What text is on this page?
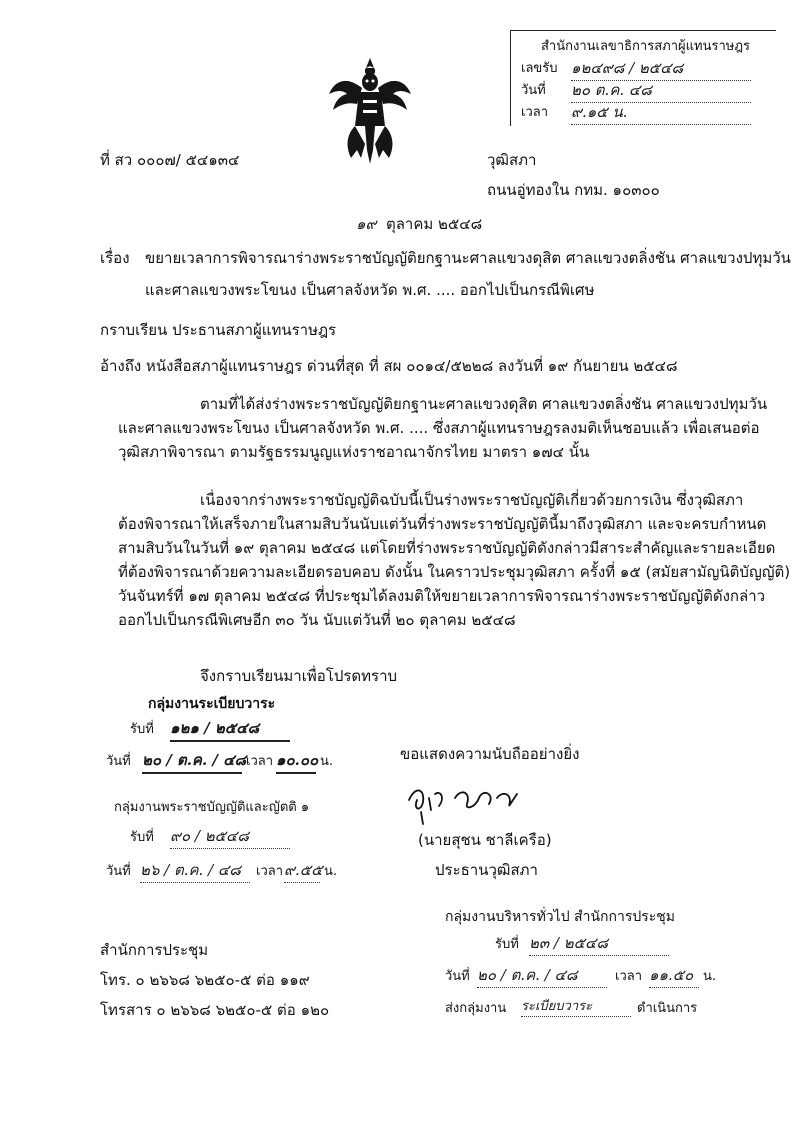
สำนักงานเลขาธิการสภาผู้แทนราษฎร
เลขรับ ๑๒๔๙๘ / ๒๕๔๘
วันที่ ๒๐ ต.ค. ๔๘
เวลา ๙.๑๕ น.
ที่ สว ๐๐๐๗/ ๕๔๑๓๔	วุฒิสภา
ถนนอู่ทองใน กทม. ๑๐๓๐๐
๑๙ ตุลาคม ๒๕๔๘
เรื่อง ขยายเวลาการพิจารณาร่างพระราชบัญญัติยกฐานะศาลแขวงดุสิต ศาลแขวงตลิ่งชัน ศาลแขวงปทุมวัน
และศาลแขวงพระโขนง เป็นศาลจังหวัด พ.ศ. .... ออกไปเป็นกรณีพิเศษ
กราบเรียน ประธานสภาผู้แทนราษฎร
อ้างถึง หนังสือสภาผู้แทนราษฎร ด่วนที่สุด ที่ สผ ๐๐๑๔/๕๒๒๘ ลงวันที่ ๑๙ กันยายน ๒๕๔๘

ตามที่ได้ส่งร่างพระราชบัญญัติยกฐานะศาลแขวงดุสิต ศาลแขวงตลิ่งชัน ศาลแขวงปทุมวัน

และศาลแขวงพระโขนง เป็นศาลจังหวัด พ.ศ. .... ซึ่งสภาผู้แทนราษฎรลงมติเห็นชอบแล้ว เพื่อเสนอต่อ

วุฒิสภาพิจารณา ตามรัฐธรรมนูญแห่งราชอาณาจักรไทย มาตรา ๑๗๔ นั้น

เนื่องจากร่างพระราชบัญญัติฉบับนี้เป็นร่างพระราชบัญญัติเกี่ยวด้วยการเงิน ซึ่งวุฒิสภา

ต้องพิจารณาให้เสร็จภายในสามสิบวันนับแต่วันที่ร่างพระราชบัญญัตินี้มาถึงวุฒิสภา และจะครบกำหนด

สามสิบวันในวันที่ ๑๙ ตุลาคม ๒๕๔๘ แต่โดยที่ร่างพระราชบัญญัติดังกล่าวมีสาระสำคัญและรายละเอียด

ที่ต้องพิจารณาด้วยความละเอียดรอบคอบ ดังนั้น ในคราวประชุมวุฒิสภา ครั้งที่ ๑๕ (สมัยสามัญนิติบัญญัติ)

วันจันทร์ที่ ๑๗ ตุลาคม ๒๕๔๘ ที่ประชุมได้ลงมติให้ขยายเวลาการพิจารณาร่างพระราชบัญญัติดังกล่าว

ออกไปเป็นกรณีพิเศษอีก ๓๐ วัน นับแต่วันที่ ๒๐ ตุลาคม ๒๕๔๘

จึงกราบเรียนมาเพื่อโปรดทราบ
กลุ่มงานระเบียบวาระ
รับที่ ๑๒๑ / ๒๕๔๘
วันที่ ๒๐ / ต.ค. / ๔๘ เวลา ๑๐.๐๐ น.	ขอแสดงความนับถืออย่างยิ่ง
(นายสุชน ชาลีเครือ)
ประธานวุฒิสภา
กลุ่มงานพระราชบัญญัติและญัตติ ๑
รับที่ ๙๐ / ๒๕๔๘
วันที่ ๒๖ / ต.ค. / ๔๘	เวลา ๙.๕๕ น.
กลุ่มงานบริหารทั่วไป สำนักการประชุม
รับที่ ๒๓ / ๒๕๔๘
วันที่ ๒๐ / ต.ค. / ๔๘	เวลา ๑๑.๕๐ น.
ส่งกลุ่มงาน ระเบียบวาระ	ดำเนินการ
สำนักการประชุม
โทร. ๐ ๒๖๖๘ ๖๒๕๐-๕ ต่อ ๑๑๙
โทรสาร ๐ ๒๖๖๘ ๖๒๕๐-๕ ต่อ ๑๒๐
